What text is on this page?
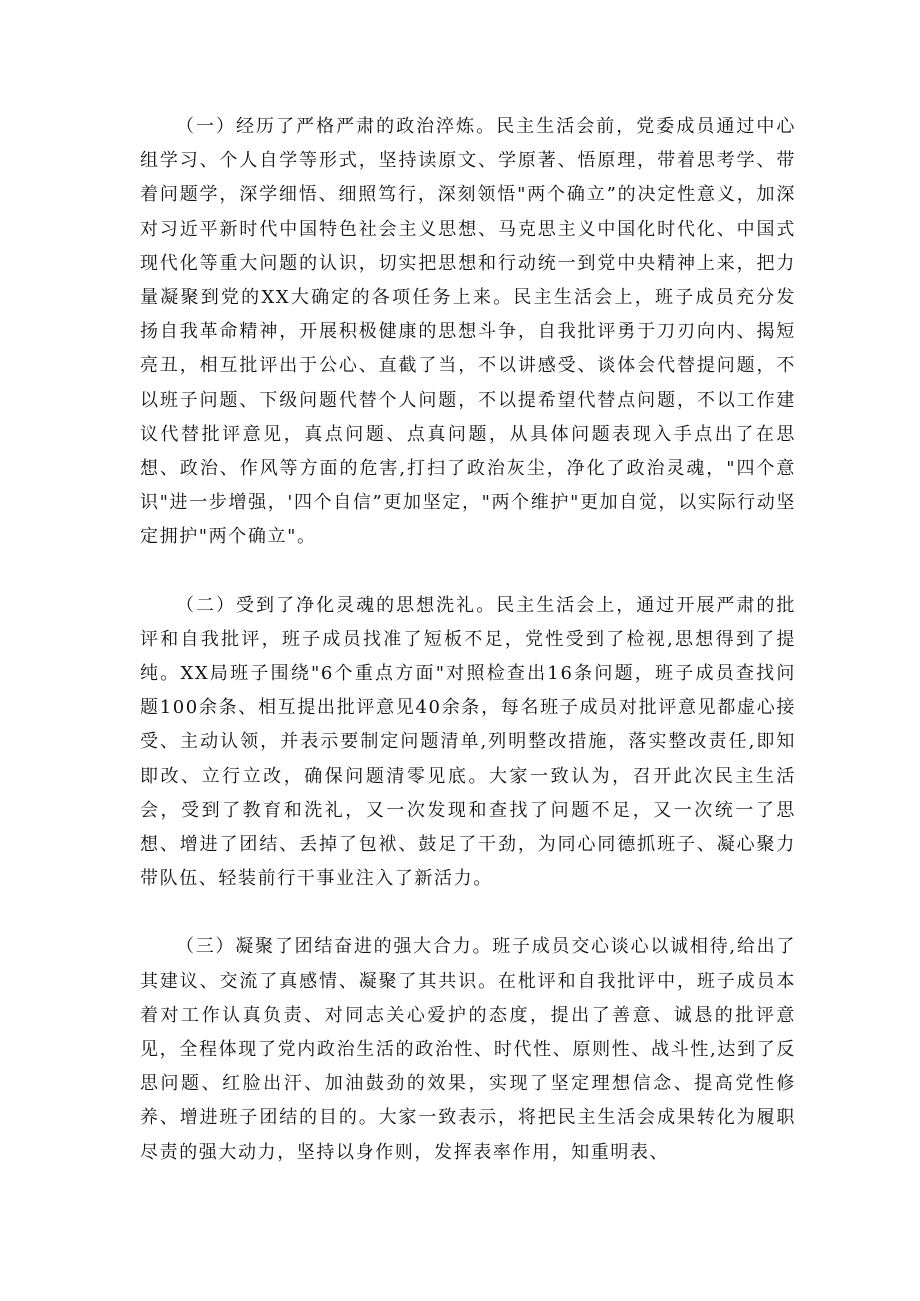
（一）经历了严格严肃的政治淬炼。民主生活会前，党委成员通过中心组学习、个人自学等形式，坚持读原文、学原著、悟原理，带着思考学、带着问题学，深学细悟、细照笃行，深刻领悟"两个确立”的决定性意义，加深对习近平新时代中国特色社会主义思想、马克思主义中国化时代化、中国式现代化等重大问题的认识，切实把思想和行动统一到党中央精神上来，把力量凝聚到党的XX大确定的各项任务上来。民主生活会上，班子成员充分发扬自我革命精神，开展积极健康的思想斗争，自我批评勇于刀刃向内、揭短亮丑，相互批评出于公心、直截了当，不以讲感受、谈体会代替提问题，不以班子问题、下级问题代替个人问题，不以提希望代替点问题，不以工作建议代替批评意见，真点问题、点真问题，从具体问题表现入手点出了在思想、政治、作风等方面的危害,打扫了政治灰尘，净化了政治灵魂，"四个意识"进一步增强，'四个自信”更加坚定，"两个维护"更加自觉，以实际行动坚定拥护"两个确立"。

（二）受到了净化灵魂的思想洗礼。民主生活会上，通过开展严肃的批评和自我批评，班子成员找准了短板不足，党性受到了检视,思想得到了提纯。XX局班子围绕"6个重点方面"对照检查出16条问题，班子成员查找问题100余条、相互提出批评意见40余条，每名班子成员对批评意见都虚心接受、主动认领，并表示要制定问题清单,列明整改措施，落实整改责任,即知即改、立行立改，确保问题清零见底。大家一致认为，召开此次民主生活会，受到了教育和洗礼，又一次发现和查找了问题不足，又一次统一了思想、增进了团结、丢掉了包袱、鼓足了干劲，为同心同德抓班子、凝心聚力带队伍、轻装前行干事业注入了新活力。

（三）凝聚了团结奋进的强大合力。班子成员交心谈心以诚相待,给出了其建议、交流了真感情、凝聚了其共识。在枇评和自我批评中，班子成员本着对工作认真负责、对同志关心爱护的态度，提出了善意、诚恳的批评意见，全程体现了党内政治生活的政治性、时代性、原则性、战斗性,达到了反思问题、红脸出汗、加油鼓劲的效果，实现了坚定理想信念、提高党性修养、增进班子团结的目的。大家一致表示，将把民主生活会成果转化为履职尽责的强大动力，坚持以身作则，发挥表率作用，知重明表、
